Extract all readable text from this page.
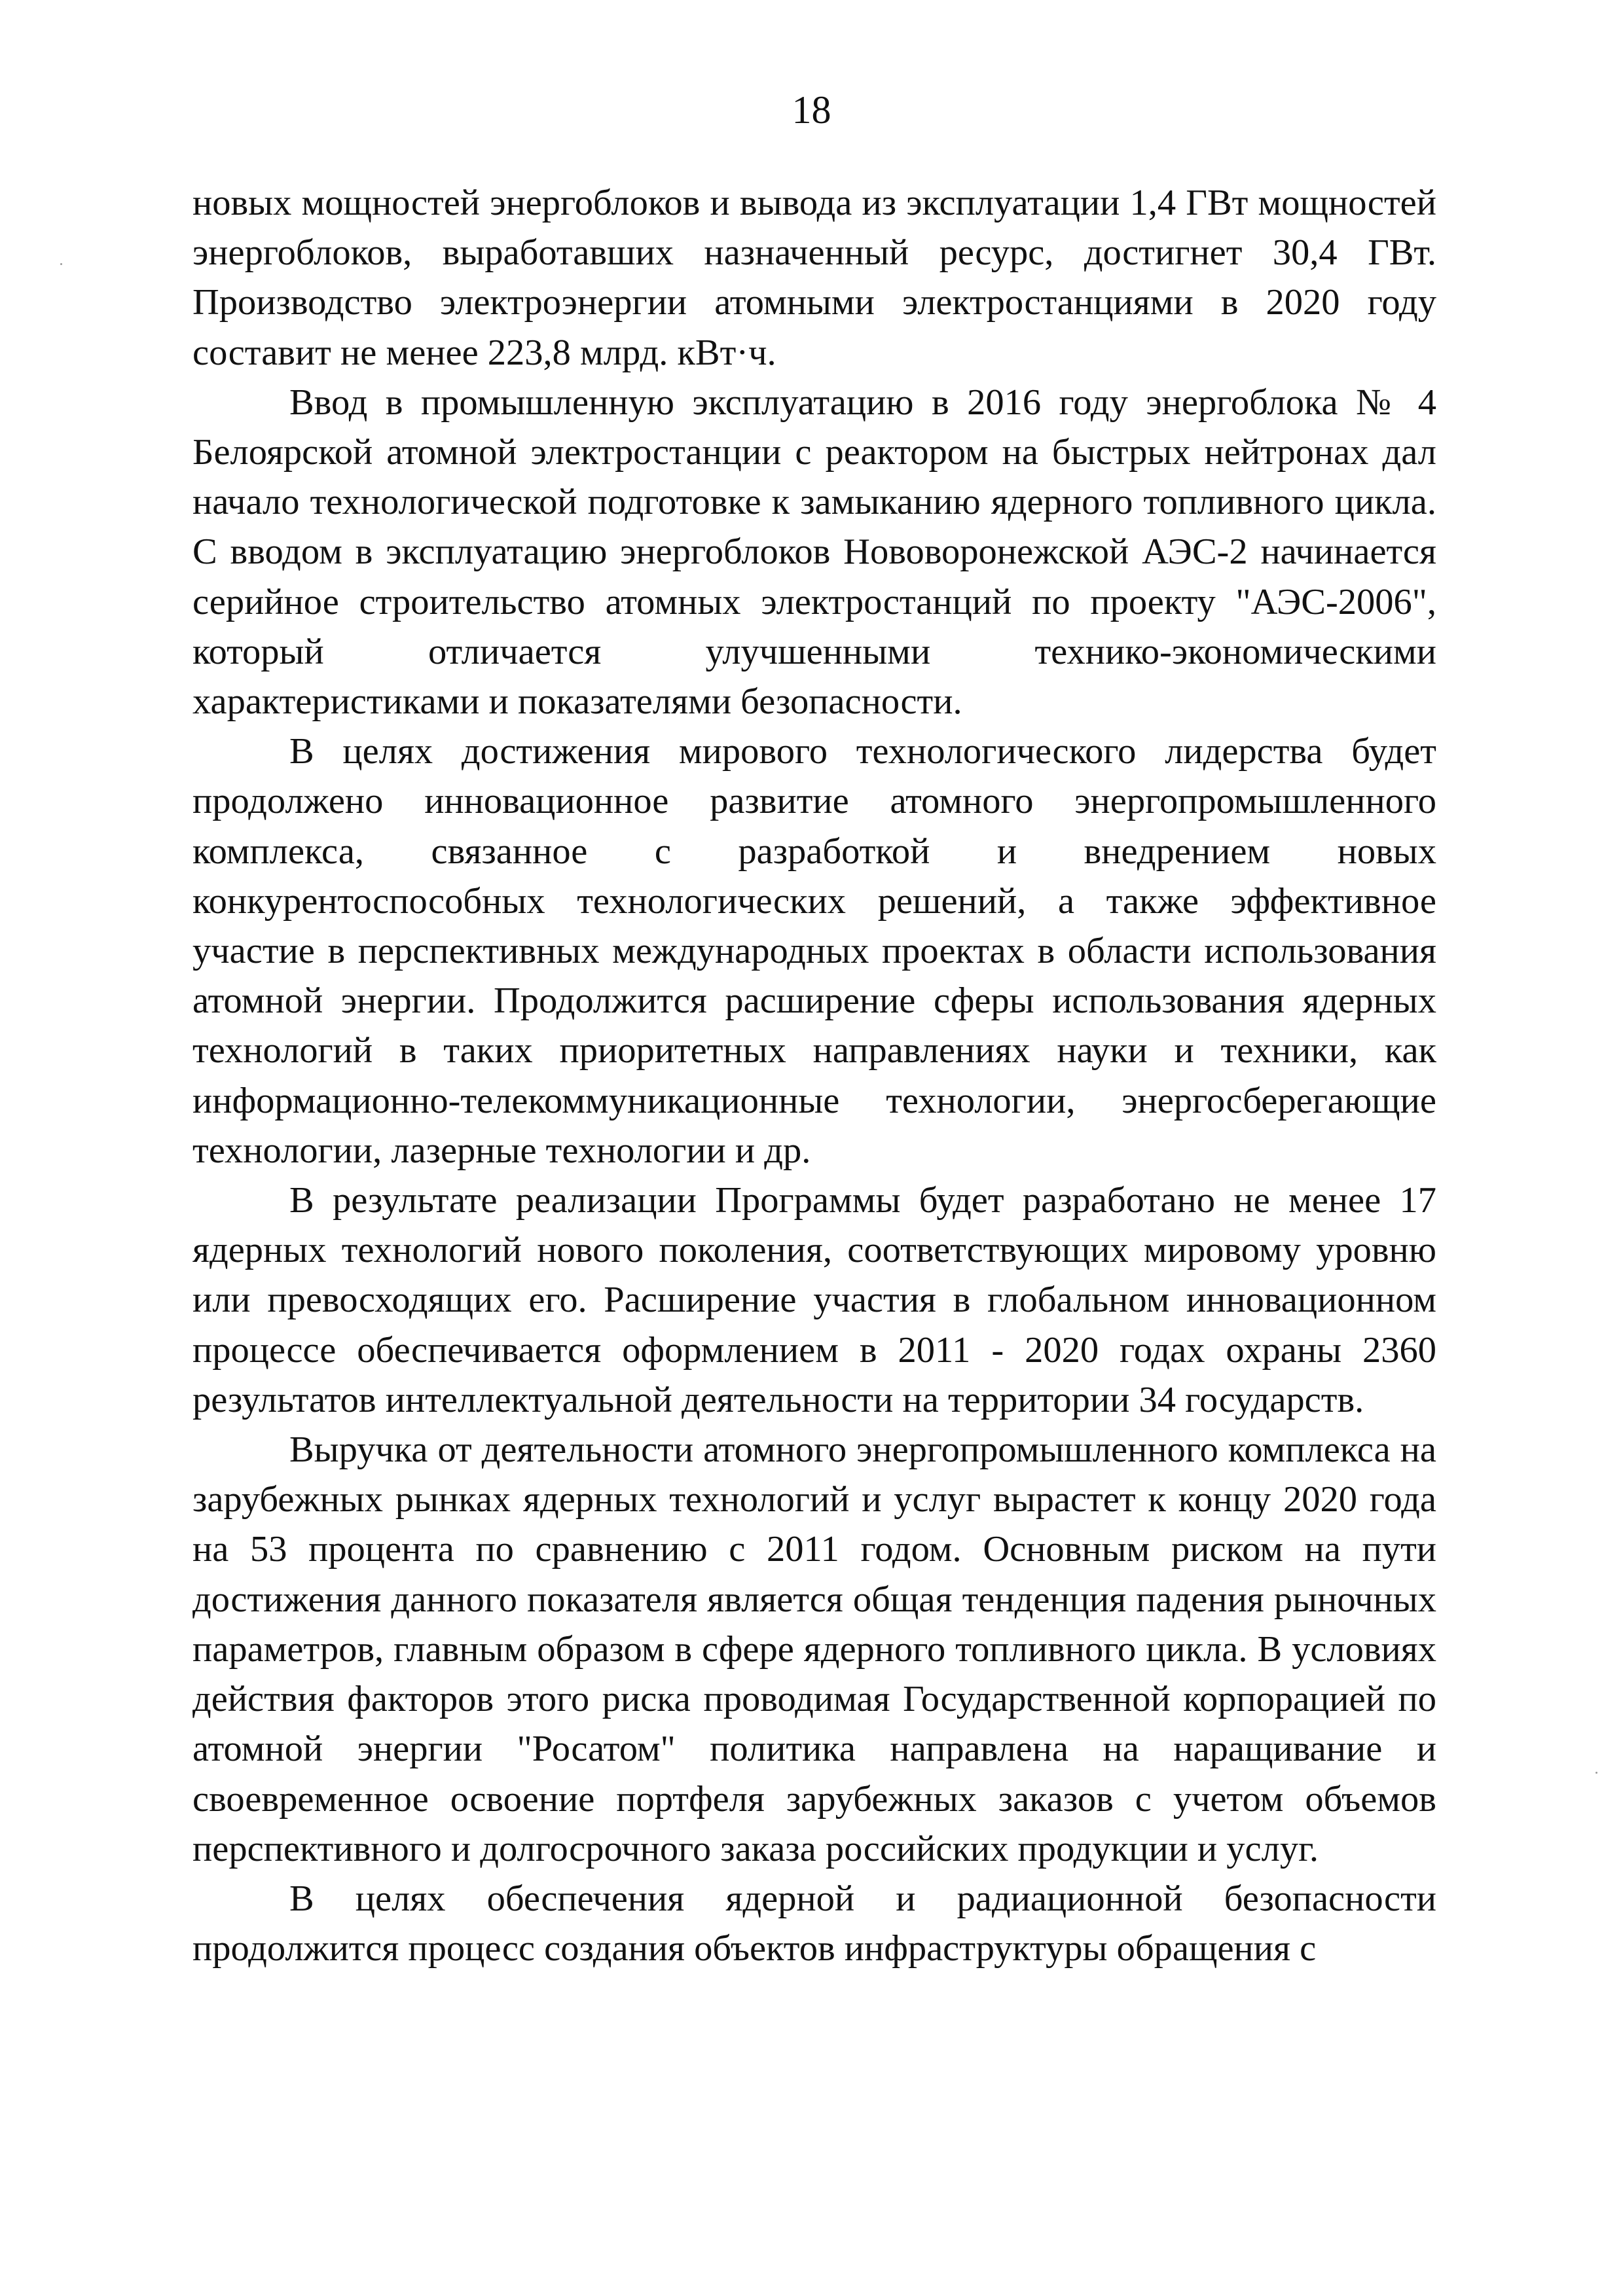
18

новых мощностей энергоблоков и вывода из эксплуатации 1,4 ГВт мощностей энергоблоков, выработавших назначенный ресурс, достигнет 30,4 ГВт. Производство электроэнергии атомными электростанциями в 2020 году составит не менее 223,8 млрд. кВт·ч.

Ввод в промышленную эксплуатацию в 2016 году энергоблока № 4 Белоярской атомной электростанции с реактором на быстрых нейтронах дал начало технологической подготовке к замыканию ядерного топливного цикла. С вводом в эксплуатацию энергоблоков Нововоронежской АЭС-2 начинается серийное строительство атомных электростанций по проекту "АЭС-2006", который отличается улучшенными технико-экономическими характеристиками и показателями безопасности.

В целях достижения мирового технологического лидерства будет продолжено инновационное развитие атомного энергопромышленного комплекса, связанное с разработкой и внедрением новых конкурентоспособных технологических решений, а также эффективное участие в перспективных международных проектах в области использования атомной энергии. Продолжится расширение сферы использования ядерных технологий в таких приоритетных направлениях науки и техники, как информационно-телекоммуникационные технологии, энергосберегающие технологии, лазерные технологии и др.

В результате реализации Программы будет разработано не менее 17 ядерных технологий нового поколения, соответствующих мировому уровню или превосходящих его. Расширение участия в глобальном инновационном процессе обеспечивается оформлением в 2011 - 2020 годах охраны 2360 результатов интеллектуальной деятельности на территории 34 государств.

Выручка от деятельности атомного энергопромышленного комплекса на зарубежных рынках ядерных технологий и услуг вырастет к концу 2020 года на 53 процента по сравнению с 2011 годом. Основным риском на пути достижения данного показателя является общая тенденция падения рыночных параметров, главным образом в сфере ядерного топливного цикла. В условиях действия факторов этого риска проводимая Государственной корпорацией по атомной энергии "Росатом" политика направлена на наращивание и своевременное освоение портфеля зарубежных заказов с учетом объемов перспективного и долгосрочного заказа российских продукции и услуг.

В целях обеспечения ядерной и радиационной безопасности продолжится процесс создания объектов инфраструктуры обращения с
